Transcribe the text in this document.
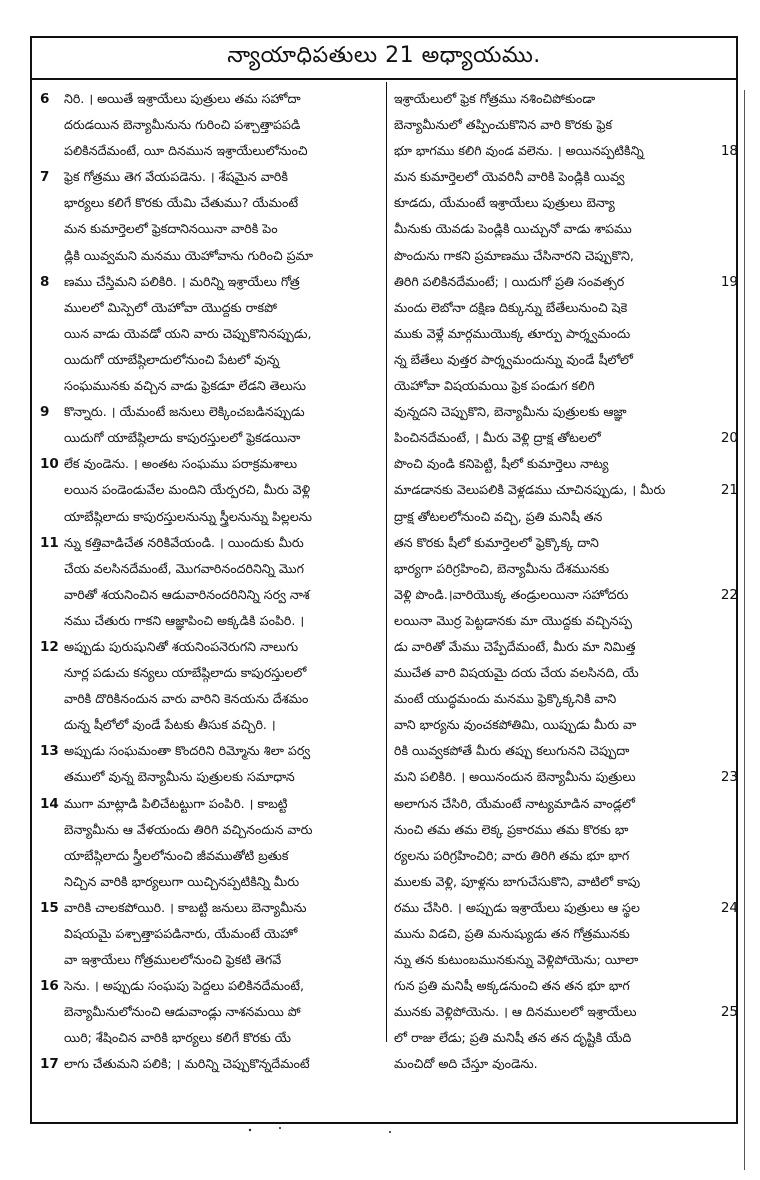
న్యాయాధిపతులు 21 అధ్యాయము.
6 నిరి. । అయితే ఇశ్రాయేలు పుత్రులు తమ సహోదా
దరుడయిన బెన్యామీనును గురించి పశ్చాత్తాపపడి
పలికినదేమంటే, యీ దినమున ఇశ్రాయేలులోనుంచి
7 ఫ్రెక గోత్రము తెగ వేయపడెను. । శేషమైన వారికి
భార్యలు కలిగే కొరకు యేమి చేతుము? యేమంటే
మన కుమార్తెలలో ఫ్రెకదానినయినా వారికి పెం
డ్లికి యివ్వమని మనము యెహోవాను గురించి ప్రమా
8 ణము చేస్తిమని పలికిరి. । మరిన్ని ఇశ్రాయేలు గోత్ర
ములలో మిస్పెలో యెహోవా యొద్దకు రాకపో
యిన వాడు యెవడో యని వారు చెప్పుకొనినప్పుడు,
యిదుగో యాబేష్గిలాదులోనుంచి పేటలో వున్న
సంఘమునకు వచ్చిన వాడు ఫ్రెకడూ లేడని తెలుసు
9 కొన్నారు. । యేమంటే జనులు లెక్కించబడినప్పుడు
యిదుగో యాబేష్గిలాదు కాపురస్తులలో ఫ్రెకడయినా
10 లేక వుండెను. । అంతట సంఘము పరాక్రమశాలు
లయిన పండెండువేల మందిని యేర్పరచి, మీరు వెళ్లి
యాబేష్గిలాదు కాపురస్తులనున్ను స్త్రీలనున్ను పిల్లలను
11 న్ను కత్తివాడిచేత నరికివేయండి. । యిందుకు మీరు
చేయ వలసినదేమంటే, మొగవారినందరినిన్ని మొగ
వారితో శయనించిన ఆడువారినందరినిన్ని సర్వ నాశ
నము చేతురు గాకని ఆజ్ఞాపించి అక్కడికి పంపిరి. ।
12 అప్పుడు పురుషునితో శయనింపనెరుగని నాలుగు
నూర్ల పడుచు కన్యలు యాబేష్గిలాదు కాపురస్తులలో
వారికి దొరికినందున వారు వారిని కెనయను దేశమం
దున్న షీలోలో వుండే పేటకు తీసుక వచ్చిరి. ।
13 అప్పుడు సంఘమంతా కొందరిని రిమ్మోను శిలా పర్వ
తములో వున్న బెన్యామీను పుత్రులకు సమాధాన
14 ముగా మాట్లాడి పిలిచేటట్టుగా పంపిరి. । కాబట్టి
బెన్యామీను ఆ వేళయందు తిరిగి వచ్చినందున వారు
యాబేష్గిలాదు స్త్రీలలోనుంచి జీవముతోటి బ్రతుక
నిచ్చిన వారికి భార్యలుగా యిచ్చినప్పటికిన్ని మీరు
15 వారికి చాలకపోయిరి. । కాబట్టి జనులు బెన్యామీను
విషయమై పశ్చాత్తాపపడినారు, యేమంటే యెహో
వా ఇశ్రాయేలు గోత్రములలోనుంచి ఫ్రెకటి తెగవే
16 సెను. । అప్పుడు సంఘపు పెద్దలు పలికినదేమంటే,
బెన్యామీనులోనుంచి ఆడువాండ్లు నాశనమయి పో
యిరి; శేషించిన వారికి భార్యలు కలిగే కొరకు యే
17 లాగు చేతుమని పలికి; । మరిన్ని చెప్పుకొన్నదేమంటే
ఇశ్రాయేలులో ఫ్రెక గోత్రము నశించిపోకుండా
బెన్యామీనులో తప్పించుకొనిన వారి కొరకు ఫ్రెక
18
భూ భాగము కలిగి వుండ వలెను. । అయినప్పటికిన్ని
మన కుమార్తెలలో యెవరినీ వారికి పెండ్లికి యివ్వ
కూడదు, యేమంటే ఇశ్రాయేలు పుత్రులు బెన్యా
మీనుకు యెవడు పెండ్లికి యిచ్చునో వాడు శాపము
పొందును గాకని ప్రమాణము చేసినారని చెప్పుకొని,
19
తిరిగి పలికినదేమంటే; । యిదుగో ప్రతి సంవత్సర
మందు లెబోనా దక్షిణ దిక్కున్ను బేతేలునుంచి షెకె
ముకు వెళ్లే మార్గముయొక్క తూర్పు పార్శ్వమందు
న్న బేతేలు వుత్తర పార్శ్వమందున్ను వుండే షీలోలో
యెహోవా విషయమయి ఫ్రెక పండుగ కలిగి
వున్నదని చెప్పుకొని, బెన్యామీను పుత్రులకు ఆజ్ఞా
20
పించినదేమంటే, । మీరు వెళ్లి ద్రాక్ష తోటలలో
పొంచి వుండి కనిపెట్టి, షీలో కుమార్తెలు నాట్య
21
మాడడానకు వెలుపలికి వెళ్లడము చూచినప్పుడు, । మీరు
ద్రాక్ష తోటలలోనుంచి వచ్చి, ప్రతి మనిషీ తన
తన కొరకు షీలో కుమార్తెలలో ఫ్రెక్కొక్క దాని
భార్యగా పరిగ్రహించి, బెన్యామీను దేశమునకు
22
వెళ్లి పొండి.।వారియొక్క తండ్రులయినా సహోదరు
లయినా మొర్ర పెట్టడానకు మా యొద్దకు వచ్చినప్ప
డు వారితో మేము చెప్పేదేమంటే, మీరు మా నిమిత్త
ముచేత వారి విషయమై దయ చేయ వలసినది, యే
మంటే యుద్ధమందు మనము ఫ్రెక్కొక్కనికి వాని
వాని భార్యను వుంచకపోతిమి, యిప్పుడు మీరు వా
రికి యివ్వకపోతే మీరు తప్పు కలుగునని చెప్పుదా
23
మని పలికిరి. । అయినందున బెన్యామీను పుత్రులు
అలాగున చేసిరి, యేమంటే నాట్యమాడిన వాండ్లలో
నుంచి తమ తమ లెక్క ప్రకారము తమ కొరకు భా
ర్యలను పరిగ్రహించిరి; వారు తిరిగి తమ భూ భాగ
ములకు వెళ్లి, పూళ్లను బాగుచేసుకొని, వాటిలో కాపు
24
రము చేసిరి. । అప్పుడు ఇశ్రాయేలు పుత్రులు ఆ స్థల
మును విడచి, ప్రతి మనుష్యుడు తన గోత్రమునకు
న్ను తన కుటుంబమునకున్ను వెళ్లిపోయెను; యీలా
గున ప్రతి మనిషీ అక్కడనుంచి తన తన భూ భాగ
25
మునకు వెళ్లిపోయెను. । ఆ దినములలో ఇశ్రాయేలు
లో రాజు లేడు; ప్రతి మనిషీ తన తన దృష్టికి యేది
మంచిదో అది చేస్తూ వుండెను.
